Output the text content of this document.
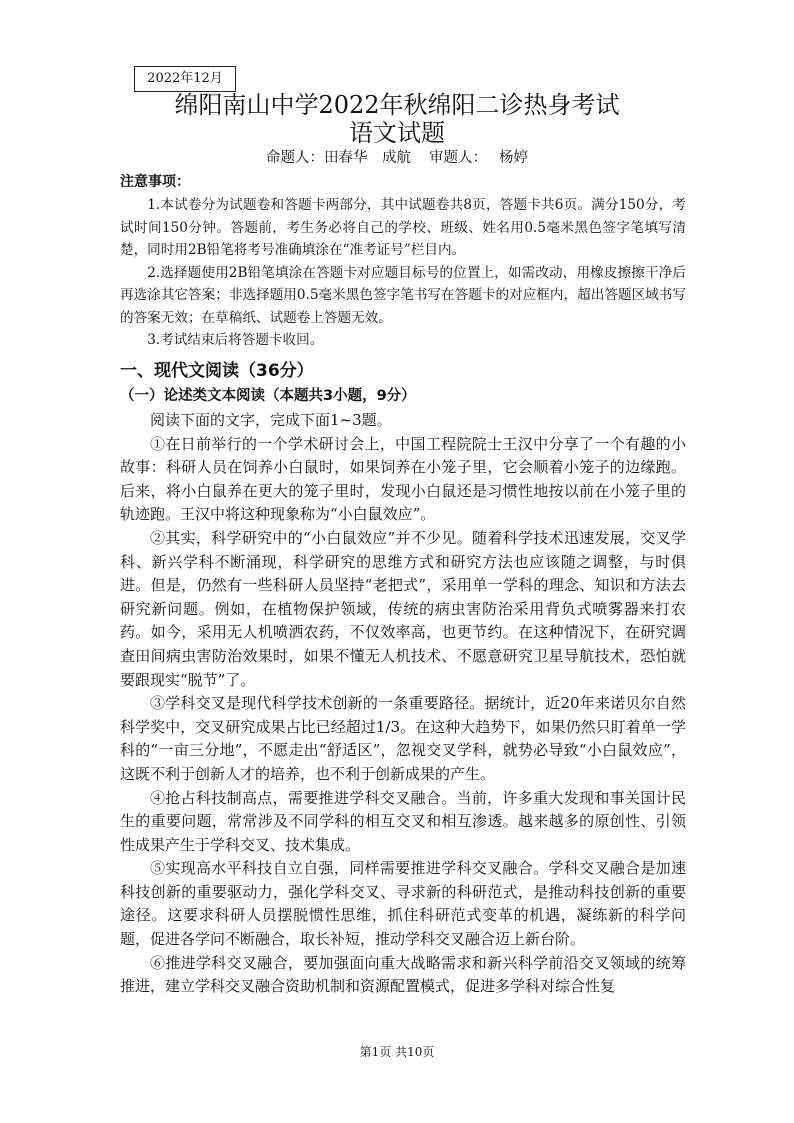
2022年12月
绵阳南山中学2022年秋绵阳二诊热身考试
语文试题
命题人：田春华　成航 审题人： 杨婷
注意事项：

1.本试卷分为试题卷和答题卡两部分，其中试题卷共8页，答题卡共6页。满分150分，考试时间150分钟。答题前，考生务必将自己的学校、班级、姓名用0.5毫米黑色签字笔填写清楚，同时用2B铅笔将考号准确填涂在“准考证号”栏目内。

2.选择题使用2B铅笔填涂在答题卡对应题目标号的位置上，如需改动，用橡皮擦擦干净后再选涂其它答案；非选择题用0.5毫米黑色签字笔书写在答题卡的对应框内，超出答题区域书写的答案无效；在草稿纸、试题卷上答题无效。

3.考试结束后将答题卡收回。

一、现代文阅读（36分）
（一）论述类文本阅读（本题共3小题，9分）

阅读下面的文字，完成下面1~3题。

①在日前举行的一个学术研讨会上，中国工程院院士王汉中分享了一个有趣的小故事：科研人员在饲养小白鼠时，如果饲养在小笼子里，它会顺着小笼子的边缘跑。后来，将小白鼠养在更大的笼子里时，发现小白鼠还是习惯性地按以前在小笼子里的轨迹跑。王汉中将这种现象称为“小白鼠效应”。

②其实，科学研究中的“小白鼠效应”并不少见。随着科学技术迅速发展，交叉学科、新兴学科不断涌现，科学研究的思维方式和研究方法也应该随之调整，与时俱进。但是，仍然有一些科研人员坚持“老把式”，采用单一学科的理念、知识和方法去研究新问题。例如，在植物保护领域，传统的病虫害防治采用背负式喷雾器来打农药。如今，采用无人机喷洒农药，不仅效率高，也更节约。在这种情况下，在研究调查田间病虫害防治效果时，如果不懂无人机技术、不愿意研究卫星导航技术，恐怕就要跟现实“脱节”了。

③学科交叉是现代科学技术创新的一条重要路径。据统计，近20年来诺贝尔自然科学奖中，交叉研究成果占比已经超过1/3。在这种大趋势下，如果仍然只盯着单一学科的“一亩三分地”，不愿走出“舒适区”，忽视交叉学科，就势必导致“小白鼠效应”，这既不利于创新人才的培养，也不利于创新成果的产生。

④抢占科技制高点，需要推进学科交叉融合。当前，许多重大发现和事关国计民生的重要问题，常常涉及不同学科的相互交叉和相互渗透。越来越多的原创性、引领性成果产生于学科交叉、技术集成。

⑤实现高水平科技自立自强，同样需要推进学科交叉融合。学科交叉融合是加速科技创新的重要驱动力，强化学科交叉、寻求新的科研范式，是推动科技创新的重要途径。这要求科研人员摆脱惯性思维，抓住科研范式变革的机遇，凝练新的科学问题，促进各学问不断融合，取长补短，推动学科交叉融合迈上新台阶。

⑥推进学科交叉融合，要加强面向重大战略需求和新兴科学前沿交叉领域的统筹推进，建立学科交叉融合资助机制和资源配置模式，促进多学科对综合性复

第1页 共10页
